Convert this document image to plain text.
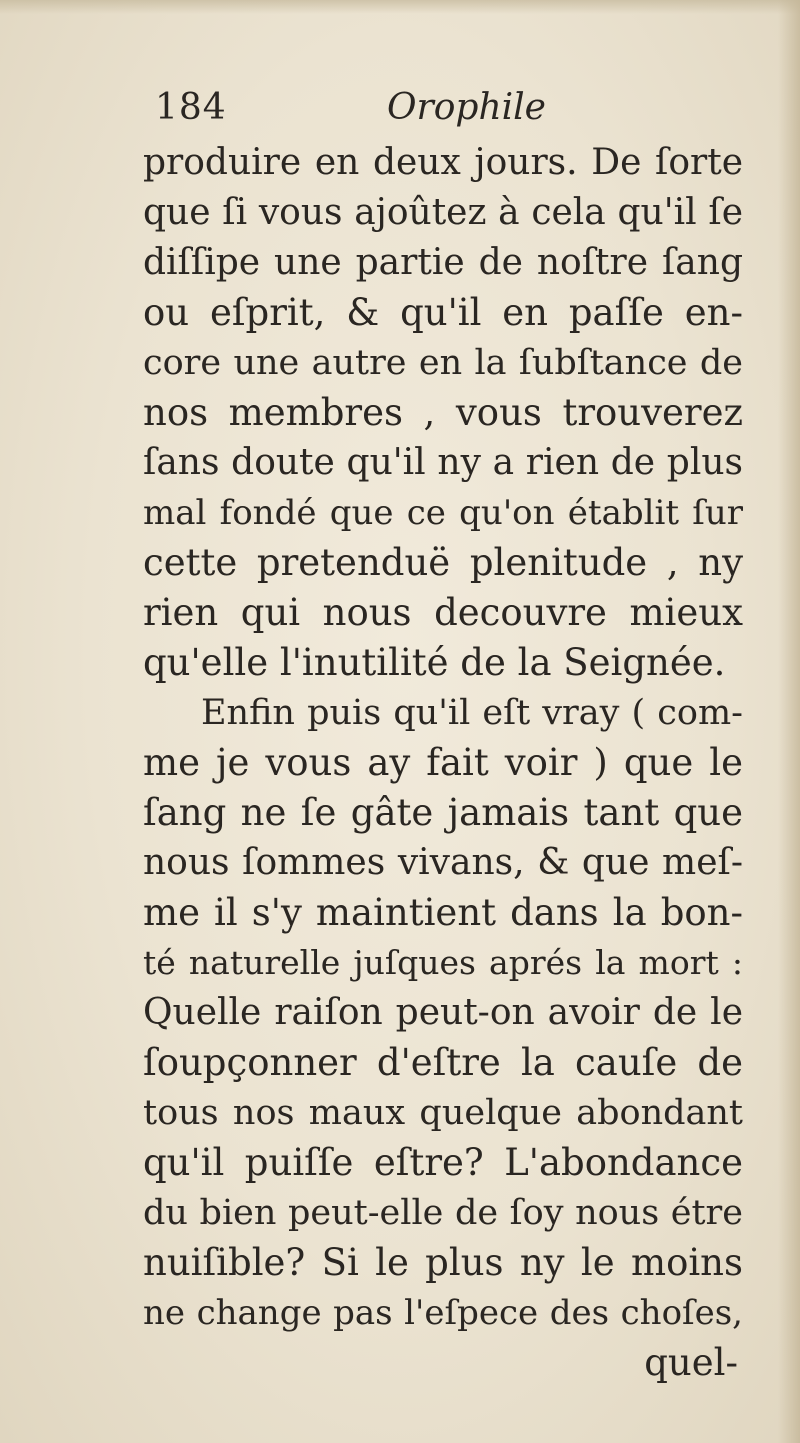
184	Orophile
produire en deux jours. De ſorte
que ſi vous ajoûtez à cela qu'il ſe
diſſipe une partie de noſtre ſang
ou eſprit, & qu'il en paſſe en-
core une autre en la ſubſtance de
nos membres , vous trouverez
ſans doute qu'il ny a rien de plus
mal fondé que ce qu'on établit ſur
cette pretenduë plenitude , ny
rien qui nous decouvre mieux
qu'elle l'inutilité de la Seignée.
Enfin puis qu'il eſt vray ( com-
me je vous ay fait voir ) que le
ſang ne ſe gâte jamais tant que
nous ſommes vivans, & que meſ-
me il s'y maintient dans la bon-
té naturelle juſques aprés la mort :
Quelle raiſon peut-on avoir de le
ſoupçonner d'eſtre la cauſe de
tous nos maux quelque abondant
qu'il puiſſe eſtre? L'abondance
du bien peut-elle de ſoy nous étre
nuiſible? Si le plus ny le moins
ne change pas l'eſpece des choſes,
quel-
